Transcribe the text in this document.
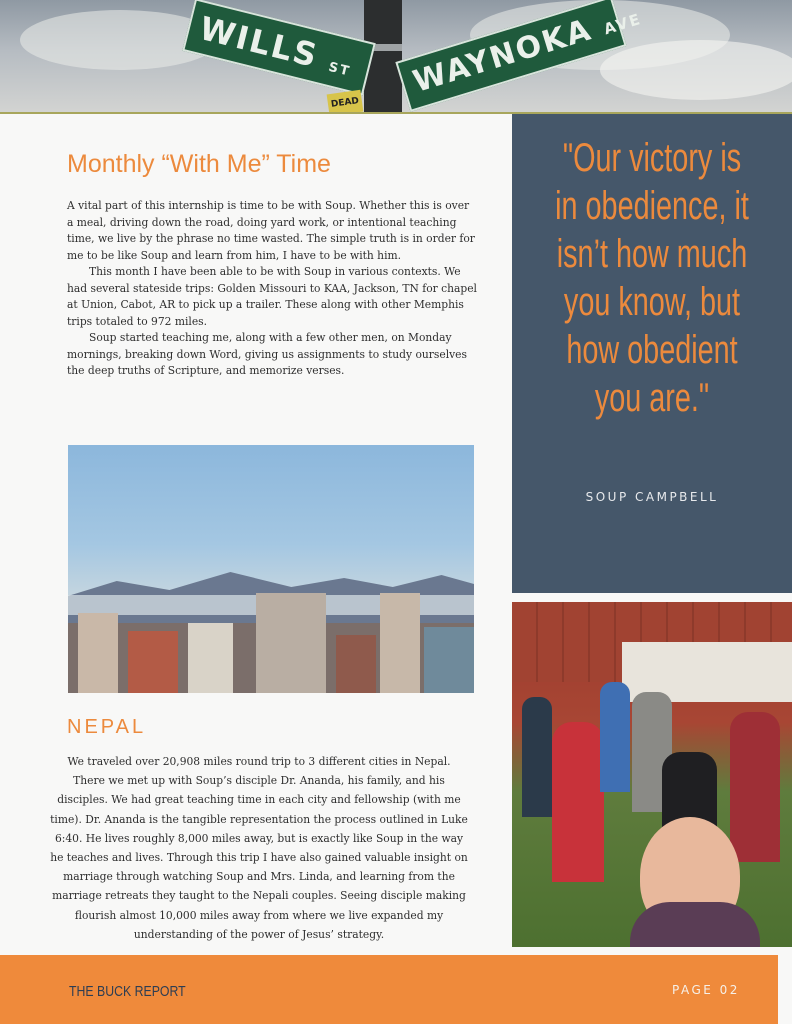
WILLS ST	WAYNOKA AVE
DEAD
Monthly “With Me” Time

A vital part of this internship is time to be with Soup. Whether this is over a meal, driving down the road, doing yard work, or intentional teaching time, we live by the phrase no time wasted. The simple truth is in order for me to be like Soup and learn from him, I have to be with him.

This month I have been able to be with Soup in various contexts. We had several stateside trips: Golden Missouri to KAA, Jackson, TN for chapel at Union, Cabot, AR to pick up a trailer. These along with other Memphis trips totaled to 972 miles.

Soup started teaching me, along with a few other men, on Monday mornings, breaking down Word, giving us assignments to study ourselves the deep truths of Scripture, and memorize verses.

NEPAL

We traveled over 20,908 miles round trip to 3 different cities in Nepal. There we met up with Soup’s disciple Dr. Ananda, his family, and his disciples. We had great teaching time in each city and fellowship (with me time). Dr. Ananda is the tangible representation the process outlined in Luke 6:40. He lives roughly 8,000 miles away, but is exactly like Soup in the way he teaches and lives. Through this trip I have also gained valuable insight on marriage through watching Soup and Mrs. Linda, and learning from the marriage retreats they taught to the Nepali couples. Seeing disciple making flourish almost 10,000 miles away from where we live expanded my understanding of the power of Jesus’ strategy.

"Our victory is in obedience, it isn’t how much you know, but how obedient you are."

SOUP CAMPBELL
THE BUCK REPORT	PAGE 02
